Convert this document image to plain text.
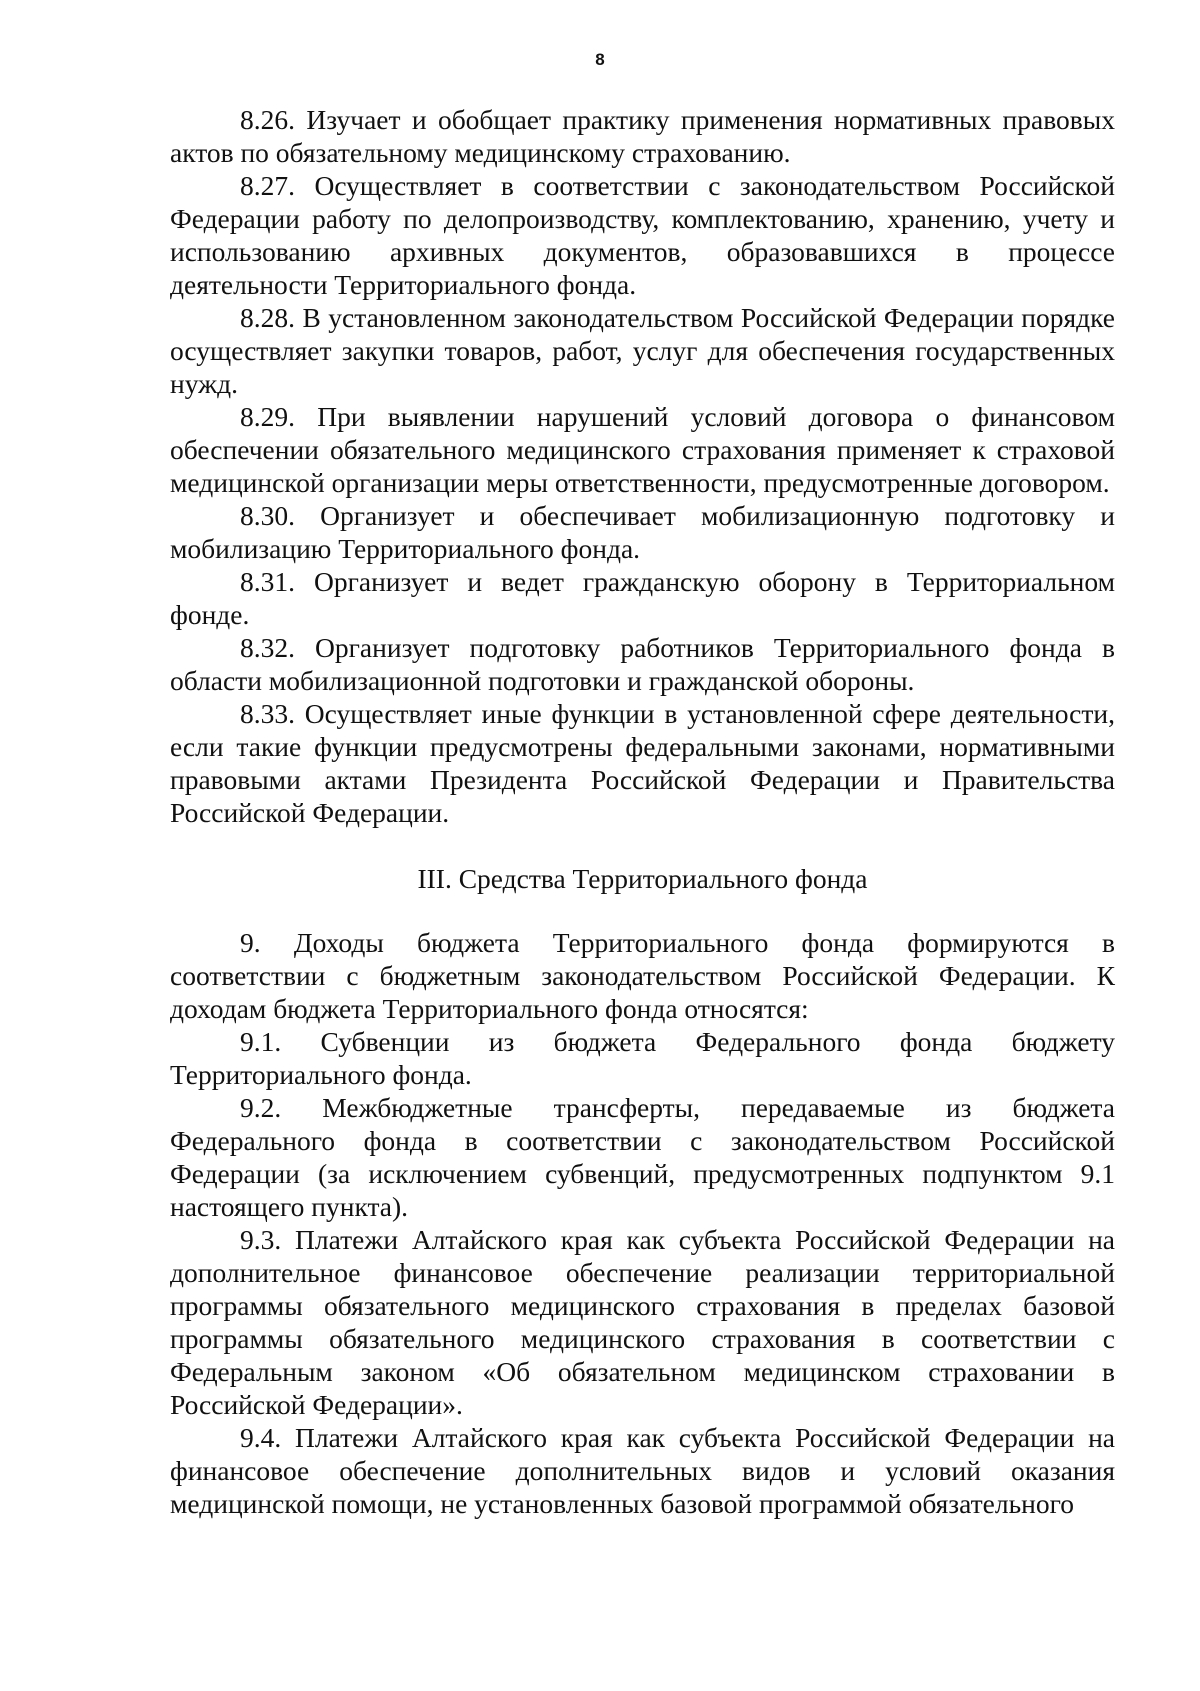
8

8.26. Изучает и обобщает практику применения нормативных правовых актов по обязательному медицинскому страхованию.

8.27. Осуществляет в соответствии с законодательством Российской Федерации работу по делопроизводству, комплектованию, хранению, учету и использованию архивных документов, образовавшихся в процессе деятельности Территориального фонда.

8.28. В установленном законодательством Российской Федерации порядке осуществляет закупки товаров, работ, услуг для обеспечения государственных нужд.

8.29. При выявлении нарушений условий договора о финансовом обеспечении обязательного медицинского страхования применяет к страховой медицинской организации меры ответственности, предусмотренные договором.

8.30. Организует и обеспечивает мобилизационную подготовку и мобилизацию Территориального фонда.

8.31. Организует и ведет гражданскую оборону в Территориальном фонде.

8.32. Организует подготовку работников Территориального фонда в области мобилизационной подготовки и гражданской обороны.

8.33. Осуществляет иные функции в установленной сфере деятельности, если такие функции предусмотрены федеральными законами, нормативными правовыми актами Президента Российской Федерации и Правительства Российской Федерации.

III. Средства Территориального фонда

9. Доходы бюджета Территориального фонда формируются в соответствии с бюджетным законодательством Российской Федерации. К доходам бюджета Территориального фонда относятся:

9.1. Субвенции из бюджета Федерального фонда бюджету Территориального фонда.

9.2. Межбюджетные трансферты, передаваемые из бюджета Федерального фонда в соответствии с законодательством Российской Федерации (за исключением субвенций, предусмотренных подпунктом 9.1 настоящего пункта).

9.3. Платежи Алтайского края как субъекта Российской Федерации на дополнительное финансовое обеспечение реализации территориальной программы обязательного медицинского страхования в пределах базовой программы обязательного медицинского страхования в соответствии с Федеральным законом «Об обязательном медицинском страховании в Российской Федерации».

9.4. Платежи Алтайского края как субъекта Российской Федерации на финансовое обеспечение дополнительных видов и условий оказания медицинской помощи, не установленных базовой программой обязательного
